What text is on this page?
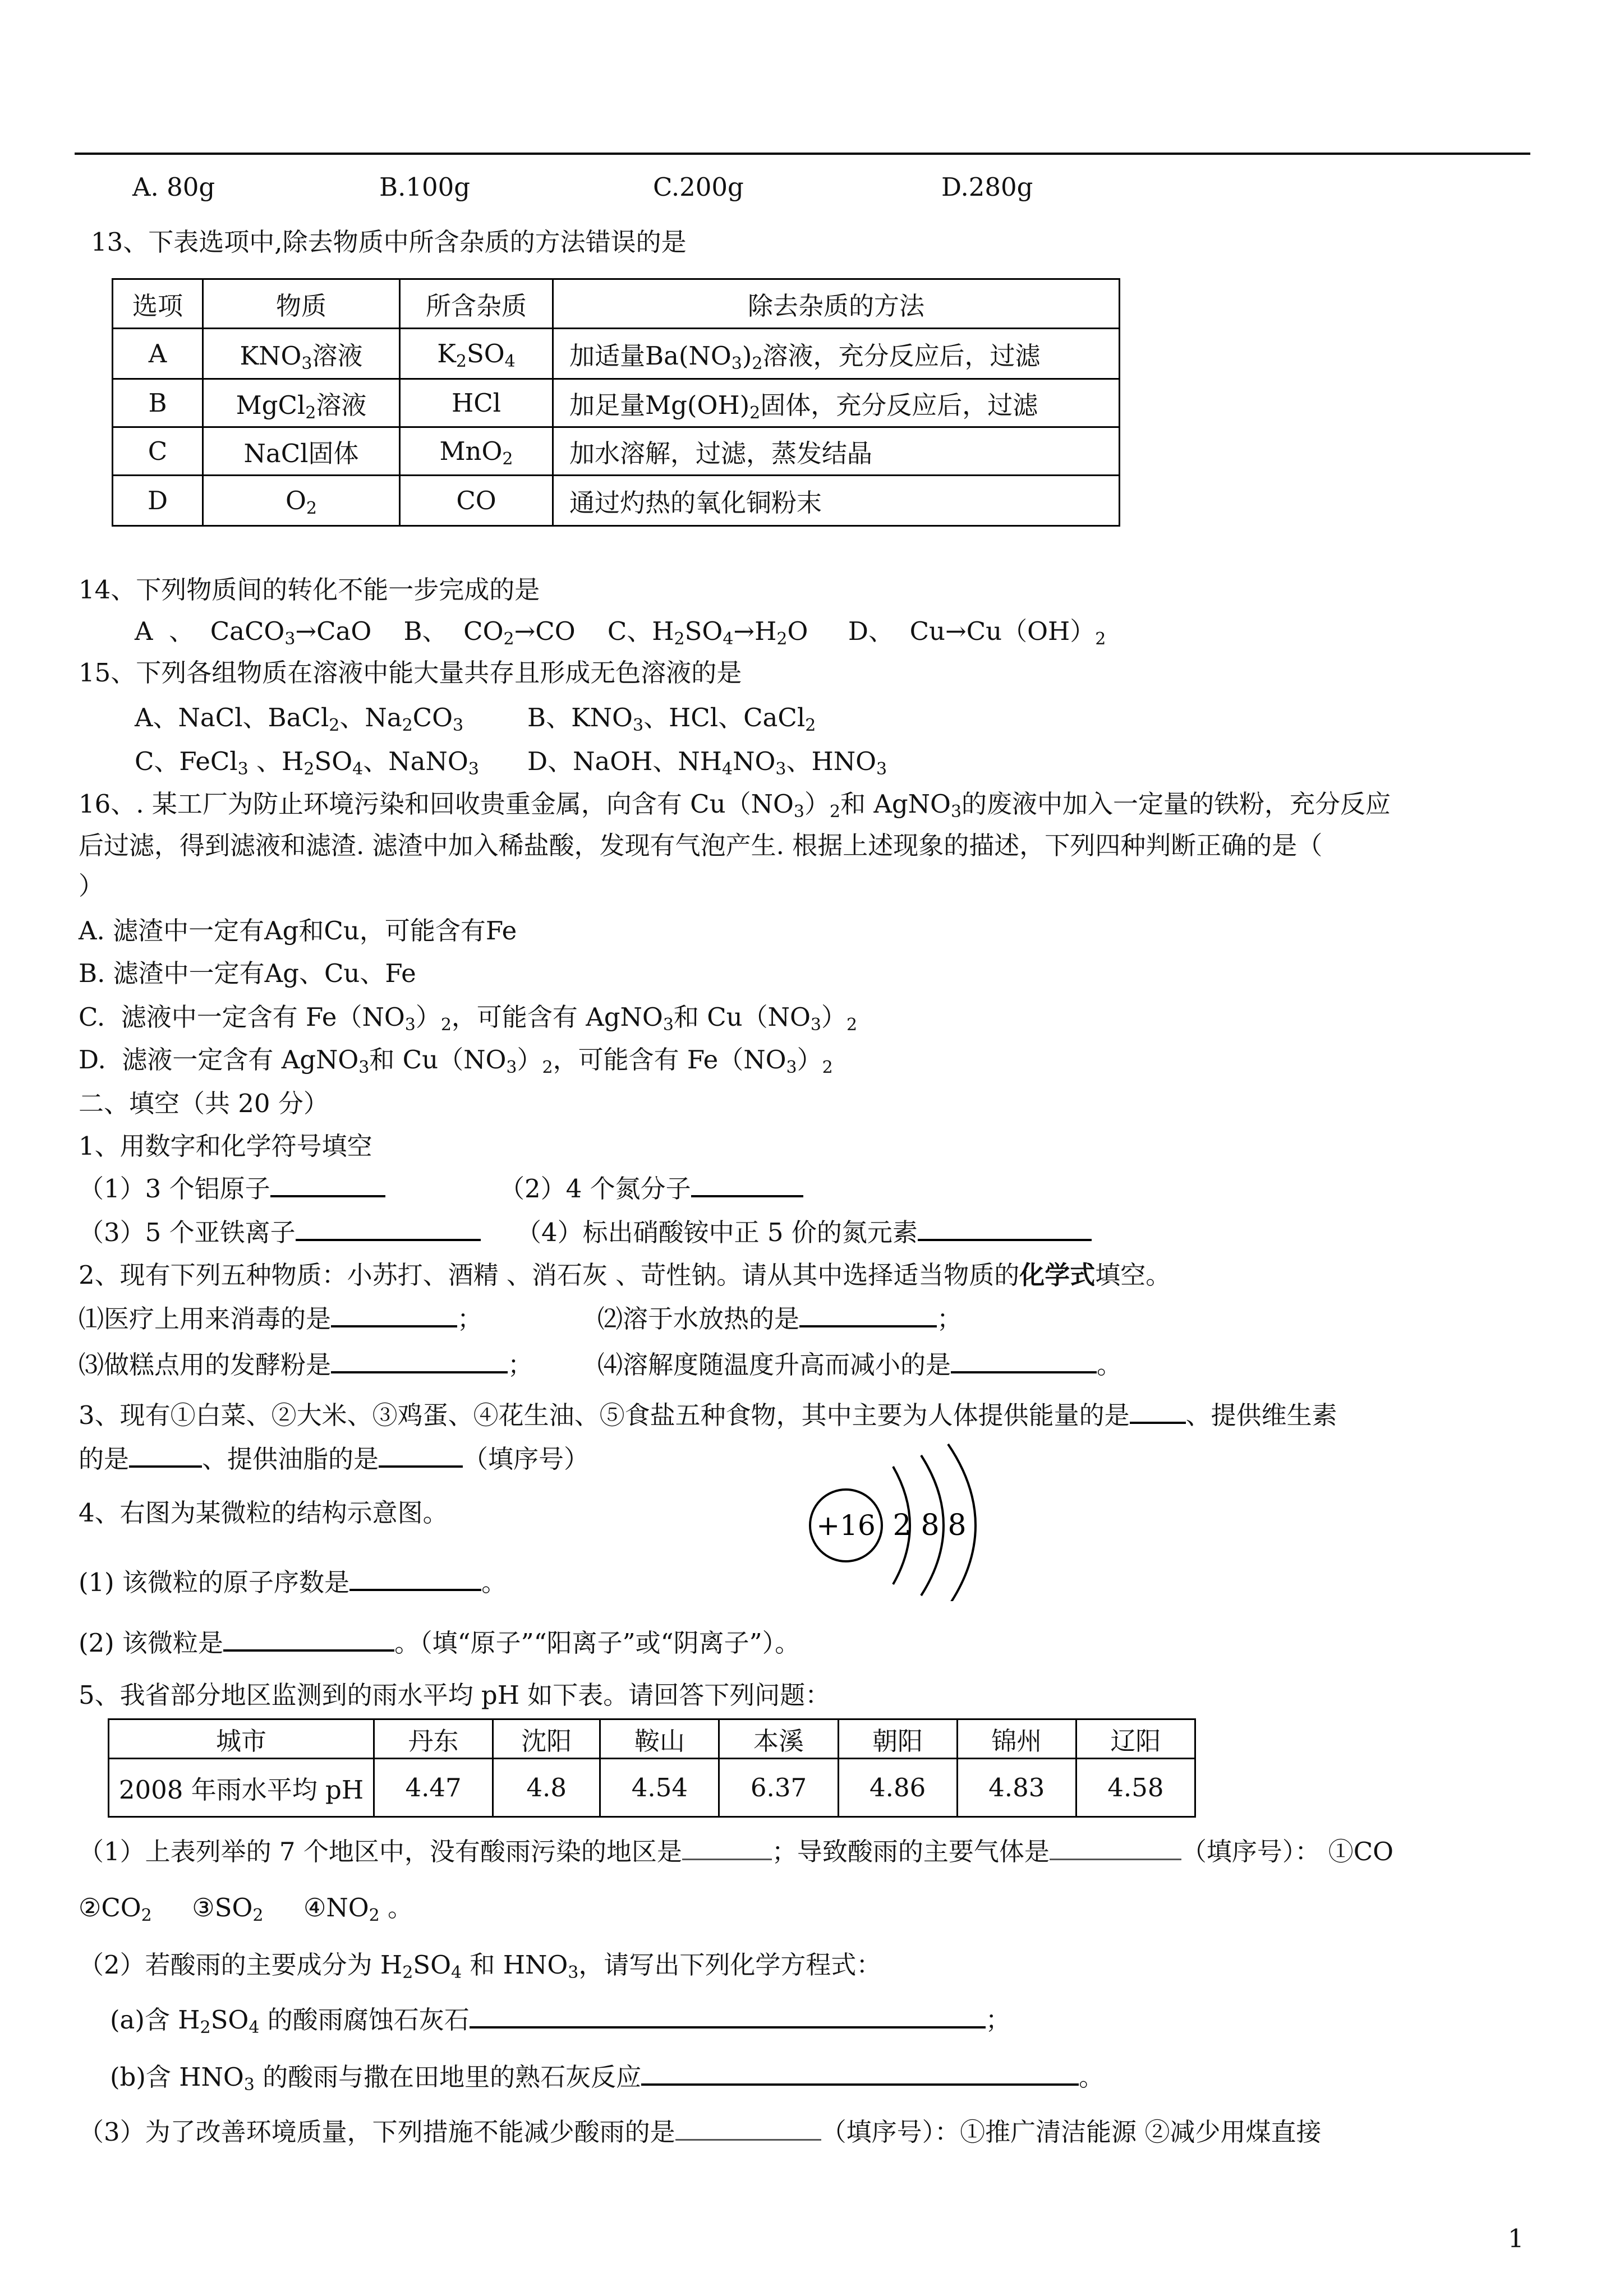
A. 80g	B.100g	C.200g	D.280g
13、下表选项中,除去物质中所含杂质的方法错误的是
选项	物质	所含杂质	除去杂质的方法
A	$KNO_3$溶液	$K_2SO_4$	加适量$Ba(NO_3)_2$溶液，充分反应后，过滤
B	MgCl$_2$溶液	HCl	加足量$Mg(OH)_2$固体，充分反应后，过滤
C	NaCl固体	MnO$_2$	加水溶解，过滤，蒸发结晶
D	$O_2$	CO	通过灼热的氧化铜粉末
14、下列物质间的转化不能一步完成的是
A  、  CaCO$_3$→CaO    B、  $CO_2\to CO$    C、$H_2SO_4\to H_2O$     D、  $Cu\to Cu(OH)_2$
15、下列各组物质在溶液中能大量共存且形成无色溶液的是
A、NaCl、BaCl$_2$、$Na_2CO_3$	B、$KNO_3$、HCl、CaCl$_2$
C、FeCl$_3$ 、$H_2SO_4$、NaNO$_3$ D、NaOH、$NH_4NO_3$、$HNO_3$
16、. 某工厂为防止环境污染和回收贵重金属，向含有 $Cu(NO_3)_2$和 AgNO$_3$的废液中加入一定量的铁粉，充分反应
后过滤，得到滤液和滤渣. 滤渣中加入稀盐酸，发现有气泡产生. 根据上述现象的描述，下列四种判断正确的是（
）
A. 滤渣中一定有Ag和Cu，可能含有Fe
B. 滤渣中一定有Ag、Cu、Fe
C.  滤液中一定含有 $Fe(NO_3)_2$，可能含有 AgNO$_3$和 $Cu(NO_3)_2$
D.  滤液一定含有 AgNO$_3$和 $Cu(NO_3)_2$，可能含有 $Fe(NO_3)_2$
二、填空（共 20 分）
1、用数字和化学符号填空
（1）3 个铝原子	（2）4 个氮分子
（3）5 个亚铁离子	（4）标出硝酸铵中正 5 价的氮元素
2、现有下列五种物质：小苏打、酒精 、消石灰 、苛性钠。请从其中选择适当物质的化学式填空。
⑴医疗上用来消毒的是	；	⑵溶于水放热的是	；
⑶做糕点用的发酵粉是	；	⑷溶解度随温度升高而减小的是	。
3、现有①白菜、②大米、③鸡蛋、④花生油、⑤食盐五种食物，其中主要为人体提供能量的是 、提供维生素
的是	、提供油脂的是	（填序号）
4、右图为某微粒的结构示意图。	+16 2 8 8
(1) 该微粒的原子序数是	。
(2) 该微粒是	。（填“原子”“阳离子”或“阴离子”）。
5、我省部分地区监测到的雨水平均 pH 如下表。请回答下列问题：
城市	丹东	沈阳	鞍山	本溪	朝阳	锦州	辽阳
2008 年雨水平均 pH	4.47	4.8	4.54	6.37	4.86	4.83	4.58
（1）上表列举的 7 个地区中，没有酸雨污染的地区是	；导致酸雨的主要气体是	（填序号）： ①CO
$②CO_2$     $③SO_2$     $④NO_2$ 。
（2）若酸雨的主要成分为 $H_2SO_4$ 和 $HNO_3$，请写出下列化学方程式：
(a)含 $H_2SO_4$ 的酸雨腐蚀石灰石	；
(b)含 $HNO_3$ 的酸雨与撒在田地里的熟石灰反应	。
（3）为了改善环境质量，下列措施不能减少酸雨的是	（填序号）：①推广清洁能源 ②减少用煤直接
1
